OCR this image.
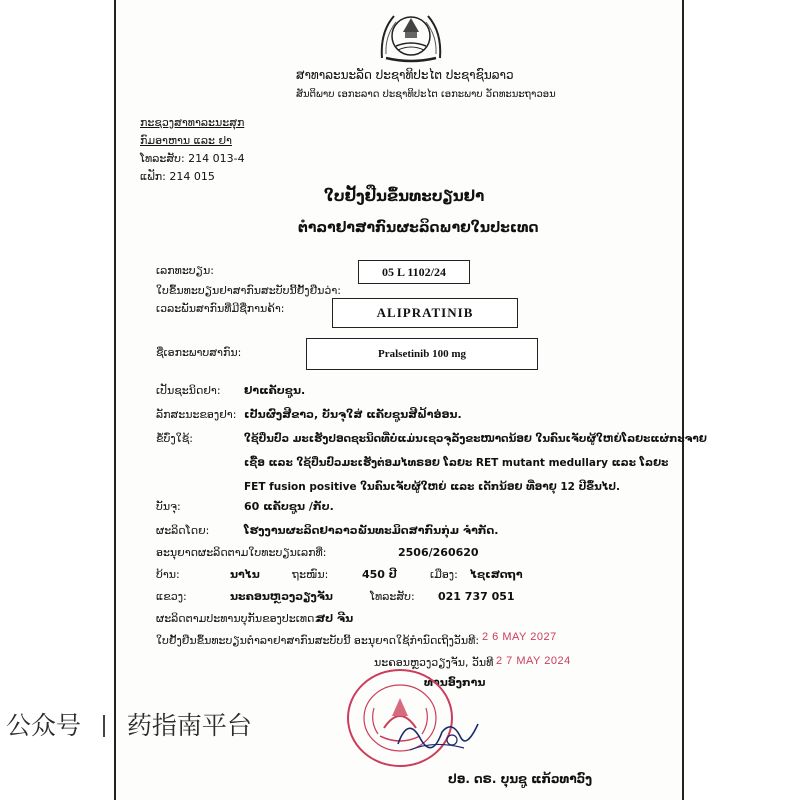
ສາທາລະນະລັດ ປະຊາທິປະໄຕ ປະຊາຊົນລາວ
ສັນຕິພາບ ເອກະລາດ ປະຊາທິປະໄຕ ເອກະພາບ ວັດທະນະຖາວອນ
ກະຊວງສາທາລະນະສຸກ
ກົມອາຫານ ແລະ ຢາ
ໂທລະສັບ: 214 013-4
ແຟັກ: 214 015
ໃບຢັ້ງຢືນຂຶ້ນທະບຽນຢາ
ຕໍາລາຢາສາກົນຜະລິດພາຍໃນປະເທດ
ເລກທະບຽນ:	05 L 1102/24
ໃບຂຶ້ນທະບຽນຢາສາກົນສະບັບນີ້ຢັ້ງຢືນວ່າ:
ເວລະພັນສາກົນທີ່ມີຊື່ການຄ້າ:	ALIPRATINIB
ຊື່ເອກະພາບສາກົນ:	Pralsetinib 100 mg
ເປັນຊະນິດຢາ: ຢາແຄັບຊູນ.
ລັກສະນະຂອງຢາ: ເປັນຜົງສີຂາວ, ບັນຈຸໃສ່ ແຄັບຊູນສີຟ້າອ່ອນ.
ຂໍ້ບົ່ງໃຊ້:	ໃຊ້ປິ່ນປົວ ມະເຮັງປອດຊະນິດທີ່ບໍ່ແມ່ນເຊວຈຸລັງຂະໜາດນ້ອຍ ໃນຄົນເຈັບຜູ້ໃຫຍ່ໂລຍະແຜ່ກະຈາຍ
ເຊື້ອ ແລະ ໃຊ້ປິ່ນປົວມະເຮັງຕ່ອມໄທຣອຍ ໂລຍະ RET mutant medullary ແລະ ໂລຍະ
FET fusion positive ໃນຄົນເຈັບຜູ້ໃຫຍ່ ແລະ ເດັກນ້ອຍ ທີ່ອາຍຸ 12 ປີຂຶ້ນໄປ.
ບັນຈຸ:	60 ແຄັບຊູນ /ກັບ.
ຜະລິດໂດຍ:	ໂຮງງານຜະລິດຢາລາວພັນທະມິດສາກົນກຸ່ມ ຈໍາກັດ.
ອະນຸຍາດຜະລິດຕາມໃບທະບຽນເລກທີ່:	2506/260620
ບ້ານ:	ນາໄນ	ຖະໜົນ:	450 ປີ	ເມືອງ: ໄຊເສດຖາ
ແຂວງ:	ນະຄອນຫຼວງວຽງຈັນ	ໂທລະສັບ: 021 737 051
ຜະລິດຕາມປະທານບຸກັນຂອງປະເທດ:
ສປ ຈີນ
ໃບຢັ້ງຢືນຂຶ້ນທະບຽນຕໍາລາຢາສາກົນສະບັບນີ້ ອະນຸຍາດໃຊ້ກໍານົດເຖິງວັນທີ: 2 6 MAY 2027
ນະຄອນຫຼວງວຽງຈັນ, ວັນທີ 2 7 MAY 2024
ທ່ານອົງການ
ປອ. ດຣ. ບຸນຊູ ແກ້ວທາວົງ
公众号 药指南平台
